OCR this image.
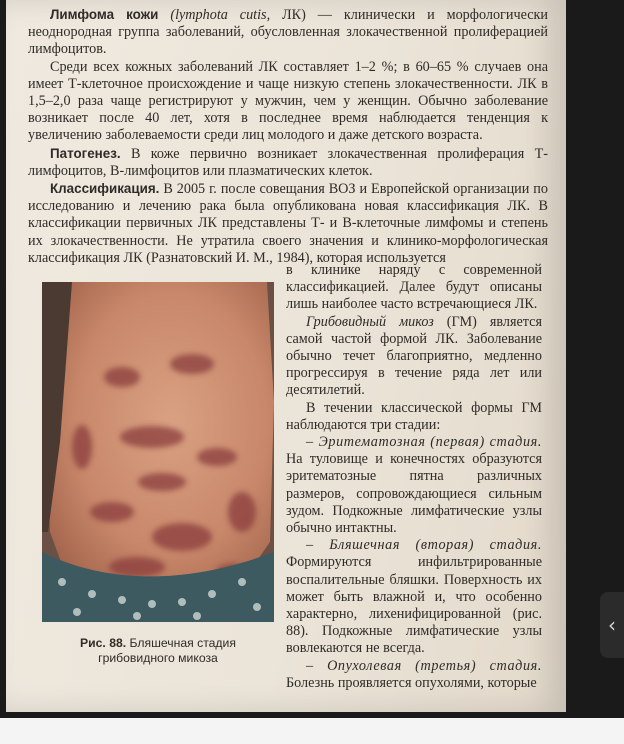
Лимфома кожи (lymphota cutis, ЛК) — клинически и морфологически неоднородная группа заболеваний, обусловленная злокачественной пролиферацией лимфоцитов.

Среди всех кожных заболеваний ЛК составляет 1–2 %; в 60–65 % случаев она имеет Т-клеточное происхождение и чаще низкую степень злокачественности. ЛК в 1,5–2,0 раза чаще регистрируют у мужчин, чем у женщин. Обычно заболевание возникает после 40 лет, хотя в последнее время наблюдается тенденция к увеличению заболеваемости среди лиц молодого и даже детского возраста.

Патогенез. В коже первично возникает злокачественная пролиферация Т-лимфоцитов, В-лимфоцитов или плазматических клеток.

Классификация. В 2005 г. после совещания ВОЗ и Европейской организации по исследованию и лечению рака была опубликована новая классификация ЛК. В классификации первичных ЛК представлены Т- и В-клеточные лимфомы и степень их злокачественности. Не утратила своего значения и клинико-морфологическая классификация ЛК (Разнатовский И. М., 1984), которая используется

Рис. 88. Бляшечная стадия грибовидного микоза

в клинике наряду с современной классификацией. Далее будут описаны лишь наиболее часто встречающиеся ЛК.

Грибовидный микоз (ГМ) является самой частой формой ЛК. Заболевание обычно течет благоприятно, медленно прогрессируя в течение ряда лет или десятилетий.

В течении классической формы ГМ наблюдаются три стадии:

– Эритематозная (первая) стадия. На туловище и конечностях образуются эритематозные пятна различных размеров, сопровождающиеся сильным зудом. Подкожные лимфатические узлы обычно интактны.

– Бляшечная (вторая) стадия. Формируются инфильтрированные воспалительные бляшки. Поверхность их может быть влажной и, что особенно характерно, лихенифицированной (рис. 88). Подкожные лимфатические узлы вовлекаются не всегда.

– Опухолевая (третья) стадия. Болезнь проявляется опухолями, которые

‹
